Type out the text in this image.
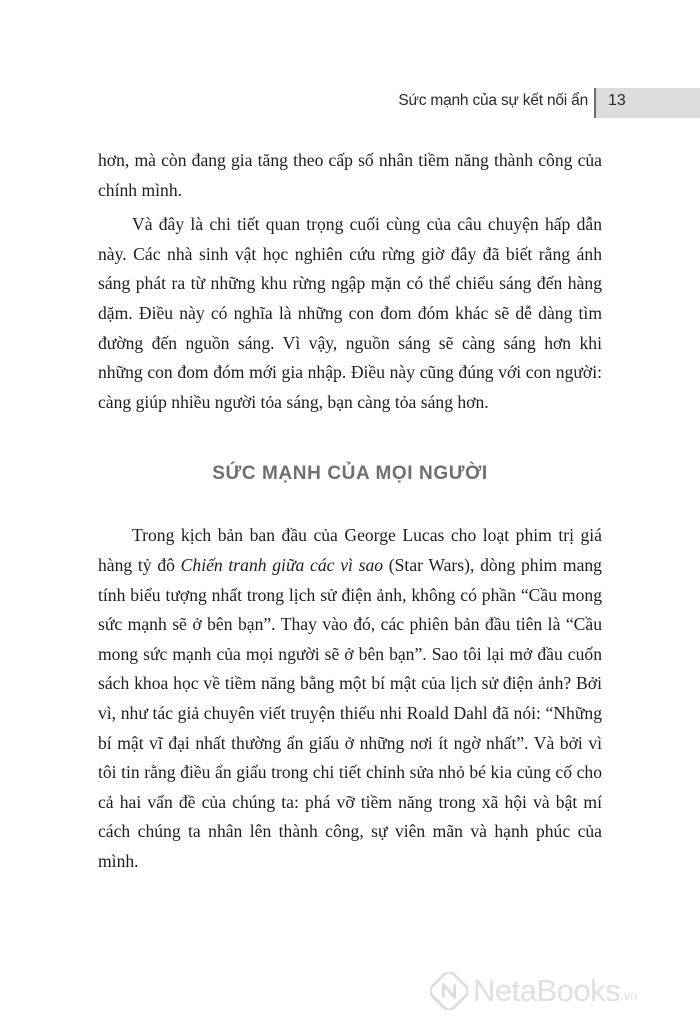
Sức mạnh của sự kết nối ẩn 13

hơn, mà còn đang gia tăng theo cấp số nhân tiềm năng thành công của chính mình.

Và đây là chi tiết quan trọng cuối cùng của câu chuyện hấp dẫn này. Các nhà sinh vật học nghiên cứu rừng giờ đây đã biết rằng ánh sáng phát ra từ những khu rừng ngập mặn có thể chiếu sáng đến hàng dặm. Điều này có nghĩa là những con đom đóm khác sẽ dễ dàng tìm đường đến nguồn sáng. Vì vậy, nguồn sáng sẽ càng sáng hơn khi những con đom đóm mới gia nhập. Điều này cũng đúng với con người: càng giúp nhiều người tỏa sáng, bạn càng tỏa sáng hơn.

SỨC MẠNH CỦA MỌI NGƯỜI

Trong kịch bản ban đầu của George Lucas cho loạt phim trị giá hàng tỷ đô Chiến tranh giữa các vì sao (Star Wars), dòng phim mang tính biểu tượng nhất trong lịch sử điện ảnh, không có phần “Cầu mong sức mạnh sẽ ở bên bạn”. Thay vào đó, các phiên bản đầu tiên là “Cầu mong sức mạnh của mọi người sẽ ở bên bạn”. Sao tôi lại mở đầu cuốn sách khoa học về tiềm năng bằng một bí mật của lịch sử điện ảnh? Bởi vì, như tác giả chuyên viết truyện thiếu nhi Roald Dahl đã nói: “Những bí mật vĩ đại nhất thường ẩn giấu ở những nơi ít ngờ nhất”. Và bởi vì tôi tin rằng điều ẩn giấu trong chi tiết chỉnh sửa nhỏ bé kia củng cố cho cả hai vấn đề của chúng ta: phá vỡ tiềm năng trong xã hội và bật mí cách chúng ta nhân lên thành công, sự viên mãn và hạnh phúc của mình.

NetaBooks .vn
